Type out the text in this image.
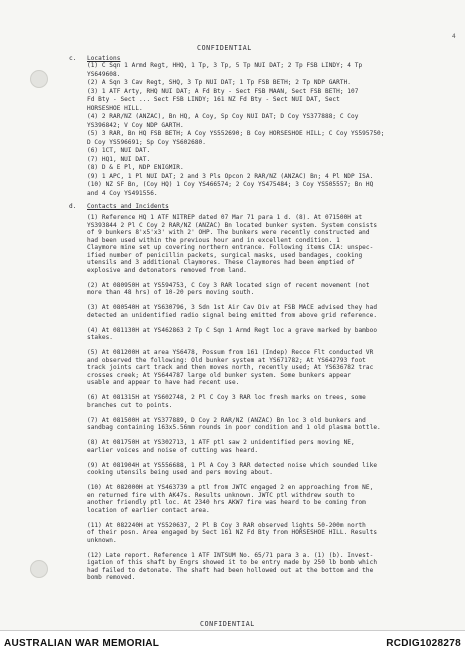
4
CONFIDENTIAL
c. Locations
(1) C Sqn 1 Armd Regt, HHQ, 1 Tp, 3 Tp, 5 Tp NUI DAT; 2 Tp FSB LINDY; 4 Tp
YS649608.
(2) A Sqn 3 Cav Regt, SHQ, 3 Tp NUI DAT; 1 Tp FSB BETH; 2 Tp NDP GARTH.
(3) 1 ATF Arty, RHQ NUI DAT; A Fd Bty - Sect FSB MAAN, Sect FSB BETH; 107
Fd Bty - Sect ... Sect FSB LINDY; 161 NZ Fd Bty - Sect NUI DAT, Sect
HORSESHOE HILL.
(4) 2 RAR/NZ (ANZAC), Bn HQ, A Coy, Sp Coy NUI DAT; D Coy YS377888; C Coy
YS396842; V Coy NDP GARTH.
(5) 3 RAR, Bn HQ FSB BETH; A Coy YS552690; B Coy HORSESHOE HILL; C Coy YS595750;
D Coy YS596691; Sp Coy YS602680.
(6) 1CT, NUI DAT.
(7) HQ1, NUI DAT.
(8) D & E Pl, NDP ENIGMIR.
(9) 1 APC, 1 Pl NUI DAT; 2 and 3 Pls Opcon 2 RAR/NZ (ANZAC) Bn; 4 Pl NDP ISA.
(10) NZ SF Bn, (Coy HQ) 1 Coy YS466574; 2 Coy YS475484; 3 Coy YS505557; Bn HQ
and 4 Coy YS491556.
d. Contacts and Incidents
(1) Reference HQ 1 ATF NITREP dated 07 Mar 71 para 1 d. (8). At 071500H at
YS393844 2 Pl C Coy 2 RAR/NZ (ANZAC) Bn located bunker system. System consists
of 9 bunkers 8'x5'x3' with 2' OHP. The bunkers were recently constructed and
had been used within the previous hour and in excellent condition. 1
Claymore mine set up covering northern entrance. Following items CIA: unspec-
ified number of penicillin packets, surgical masks, used bandages, cooking
utensils and 3 additional Claymores. These Claymores had been emptied of
explosive and detonators removed from land.
(2) At 080950H at YS594753, C Coy 3 RAR located sign of recent movement (not
more than 48 hrs) of 10-20 pers moving south.
(3) At 080540H at YS630796, 3 Sdn 1st Air Cav Div at FSB MACE advised they had
detected an unidentified radio signal being emitted from above grid reference.
(4) At 081130H at YS462863 2 Tp C Sqn 1 Armd Regt loc a grave marked by bamboo
stakes.
(5) At 081200H at area YS6478, Possum from 161 (Indep) Recce Flt conducted VR
and observed the following: Old bunker system at YS671782; At YS642793 foot
track joints cart track and then moves north, recently used; At YS636782 trac
crosses creek; At YS644787 large old bunker system. Some bunkers appear
usable and appear to have had recent use.
(6) At 081315H at YS602748, 2 Pl C Coy 3 RAR loc fresh marks on trees, some
branches cut to points.
(7) At 081500H at YS377889, D Coy 2 RAR/NZ (ANZAC) Bn loc 3 old bunkers and
sandbag containing 163x5.56mm rounds in poor condition and 1 old plasma bottle.
(8) At 081750H at YS302713, 1 ATF ptl saw 2 unidentified pers moving NE,
earlier voices and noise of cutting was heard.
(9) At 081904H at YS556688, 1 Pl A Coy 3 RAR detected noise which sounded like
cooking utensils being used and pers moving about.
(10) At 082000H at YS463739 a ptl from JWTC engaged 2 en approaching from NE,
en returned fire with AK47s. Results unknown. JWTC ptl withdrew south to
another friendly ptl loc. At 2340 hrs AKW7 fire was heard to be coming from
location of earlier contact area.
(11) At 082240H at YS520637, 2 Pl B Coy 3 RAR observed lights 50-200m north
of their posn. Area engaged by Sect 161 NZ Fd Bty from HORSESHOE HILL. Results
unknown.
(12) Late report. Reference 1 ATF INTSUM No. 65/71 para 3 a. (1) (b). Invest-
igation of this shaft by Engrs showed it to be entry made by 250 lb bomb which
had failed to detonate. The shaft had been hollowed out at the bottom and the
bomb removed.
CONFIDENTIAL
AUSTRALIAN WAR MEMORIAL	RCDIG1028278
